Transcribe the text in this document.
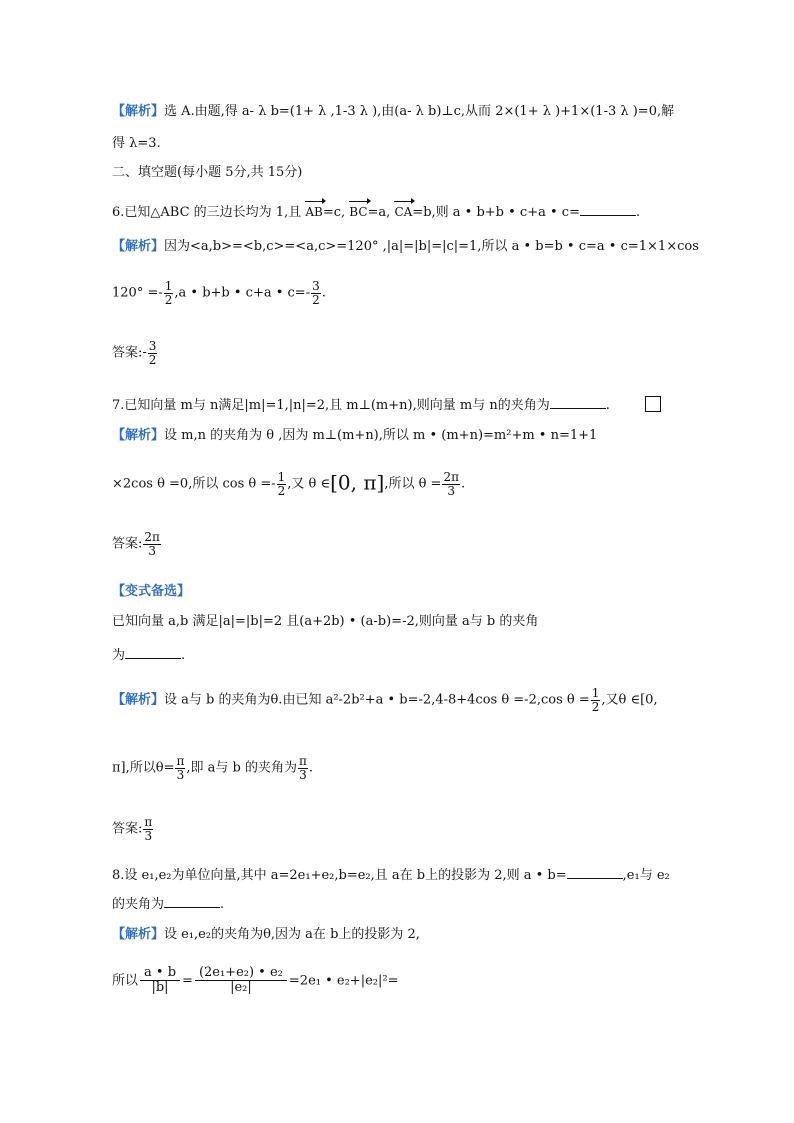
【解析】选 A.由题,得 a- λ b=(1+ λ ,1-3 λ ),由(a- λ b)⊥c,从而 2×(1+ λ )+1×(1-3 λ )=0,解
得 λ=3.
二、填空题(每小题 5分,共 15分)
6.已知△ABC 的三边长均为 1,且 AB=c, BC=a, CA=b,则 a • b+b • c+a • c=	.
【解析】因为<a,b>=<b,c>=<a,c>=120° ,|a|=|b|=|c|=1,所以 a • b=b • c=a • c=1×1×cos
$120^\circ =- \frac{1}{2} ,a$ • b+b • c+a • $c=- \frac{3}{2}$ .
答案:- $\frac{3}{2}$
7.已知向量 m与 n满足|m|=1,|n|=2,且 m⊥(m+n),则向量 m与 n的夹角为	.
【解析】设 m,n 的夹角为 θ ,因为 m⊥(m+n),所以 m • (m+n)=m²+m • n=1+1
×2cos θ =0,所以 $\cos \theta =- \frac{1}{2}$ ,又 θ ∈[0, π],所以 $\theta = \frac{2\pi}{3}$ .
答案: $\frac{2\pi}{3}$
【变式备选】
已知向量 a,b 满足|a|=|b|=2 且(a+2b) • (a-b)=-2,则向量 a与 b 的夹角
为	.
【解析】设 a与 b 的夹角为θ.由已知 a²-2b²+a • b=-2,4-8+4cos θ =-2,cos $\theta = \frac{1}{2}$ ,又θ ∈[0,
π],所以$\theta= \frac{\pi}{3}$ ,即 a与 b 的夹角为 $\frac{\pi}{3}$ .
答案: $\frac{\pi}{3}$
8.设 e₁,e₂为单位向量,其中 a=2e₁+e₂,b=e₂,且 a在 b上的投影为 2,则 a • b=	,e₁与 e₂
的夹角为	.
【解析】设 e₁,e₂的夹角为θ,因为 a在 b上的投影为 2,
所以 $\frac{a • b}{|b|} = \frac{\text{(2e₁+e₂) • e₂}}{\text{|e₂|}} =2e_1$ • e₂+|e₂|²=
